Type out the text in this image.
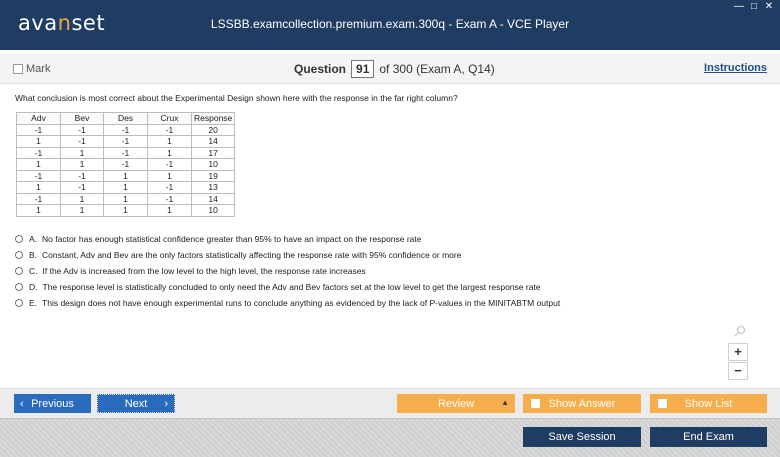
avanset	LSSBB.examcollection.premium.exam.300q - Exam A - VCE Player
— □ ✕
Mark	Question 91 of 300 (Exam A, Q14)	Instructions
What conclusion is most correct about the Experimental Design shown here with the response in the far right column?
Adv	Bev	Des	Crux	Response
-1	-1	-1	-1	20
1	-1	-1	1	14
-1	1	-1	1	17
1	1	-1	-1	10
-1	-1	1	1	19
1	-1	1	-1	13
-1	1	1	-1	14
1	1	1	1	10
A. No factor has enough statistical confidence greater than 95% to have an impact on the response rate
B. Constant, Adv and Bev are the only factors statistically affecting the response rate with 95% confidence or more
C. If the Adv is increased from the low level to the high level, the response rate increases
D. The response level is statistically concluded to only need the Adv and Bev factors set at the low level to get the largest response rate
E. This design does not have enough experimental runs to conclude anything as evidenced by the lack of P-values in the MINITABTM output
+
−
‹ Previous	Next ›	Review	▲	Show Answer	Show List
Save Session	End Exam
